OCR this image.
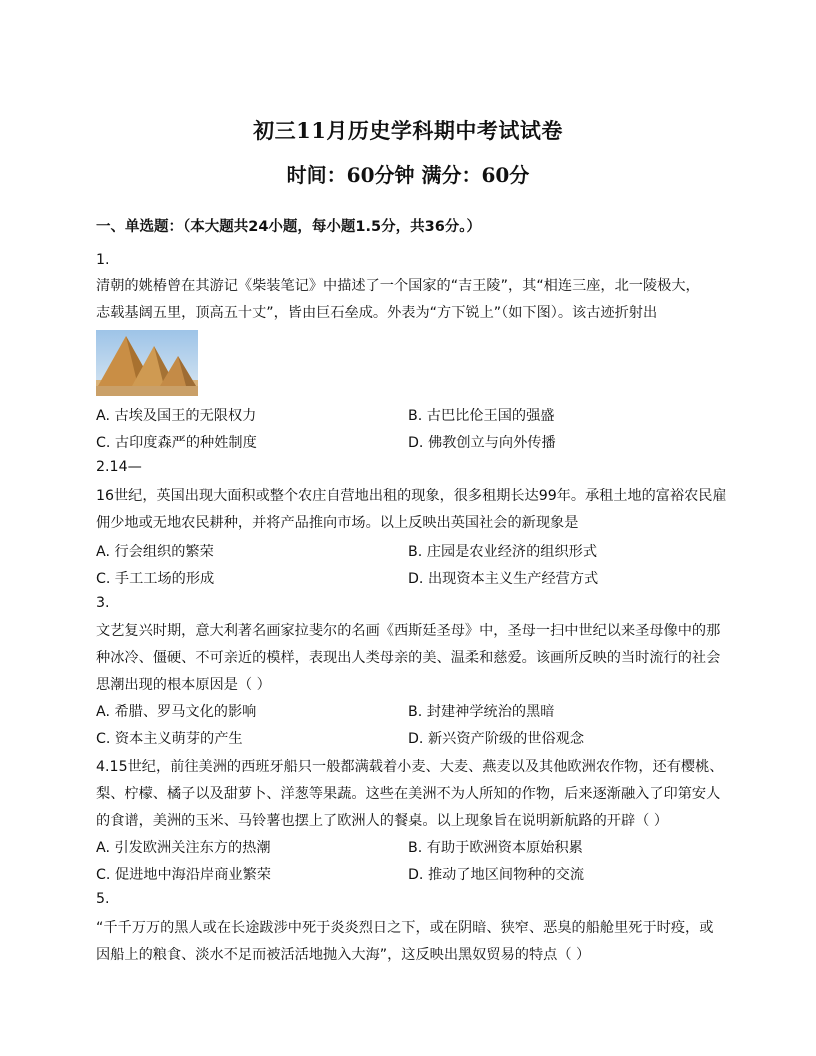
初三11月历史学科期中考试试卷
时间：60分钟 满分：60分
一、单选题：（本大题共24小题，每小题1.5分，共36分。）
1.
清朝的姚椿曾在其游记《柴装笔记》中描述了一个国家的“吉王陵”，其“相连三座，北一陵极大，
志载基阔五里，顶高五十丈”，皆由巨石垒成。外表为“方下锐上”（如下图）。该古迹折射出
A. 古埃及国王的无限权力	B. 古巴比伦王国的强盛
C. 古印度森严的种姓制度	D. 佛教创立与向外传播
2.14—
16世纪，英国出现大面积或整个农庄自营地出租的现象，很多租期长达99年。承租土地的富裕农民雇
佣少地或无地农民耕种，并将产品推向市场。以上反映出英国社会的新现象是
A. 行会组织的繁荣	B. 庄园是农业经济的组织形式
C. 手工工场的形成	D. 出现资本主义生产经营方式
3.
文艺复兴时期，意大利著名画家拉斐尔的名画《西斯廷圣母》中，圣母一扫中世纪以来圣母像中的那
种冰冷、僵硬、不可亲近的模样，表现出人类母亲的美、温柔和慈爱。该画所反映的当时流行的社会
思潮出现的根本原因是（ ）
A. 希腊、罗马文化的影响	B. 封建神学统治的黑暗
C. 资本主义萌芽的产生	D. 新兴资产阶级的世俗观念
4.15世纪，前往美洲的西班牙船只一般都满载着小麦、大麦、燕麦以及其他欧洲农作物，还有樱桃、
梨、柠檬、橘子以及甜萝卜、洋葱等果蔬。这些在美洲不为人所知的作物，后来逐渐融入了印第安人
的食谱，美洲的玉米、马铃薯也摆上了欧洲人的餐桌。以上现象旨在说明新航路的开辟（ ）
A. 引发欧洲关注东方的热潮	B. 有助于欧洲资本原始积累
C. 促进地中海沿岸商业繁荣	D. 推动了地区间物种的交流
5.
“千千万万的黑人或在长途跋涉中死于炎炎烈日之下，或在阴暗、狭窄、恶臭的船舱里死于时疫，或
因船上的粮食、淡水不足而被活活地抛入大海”，这反映出黑奴贸易的特点（ ）
